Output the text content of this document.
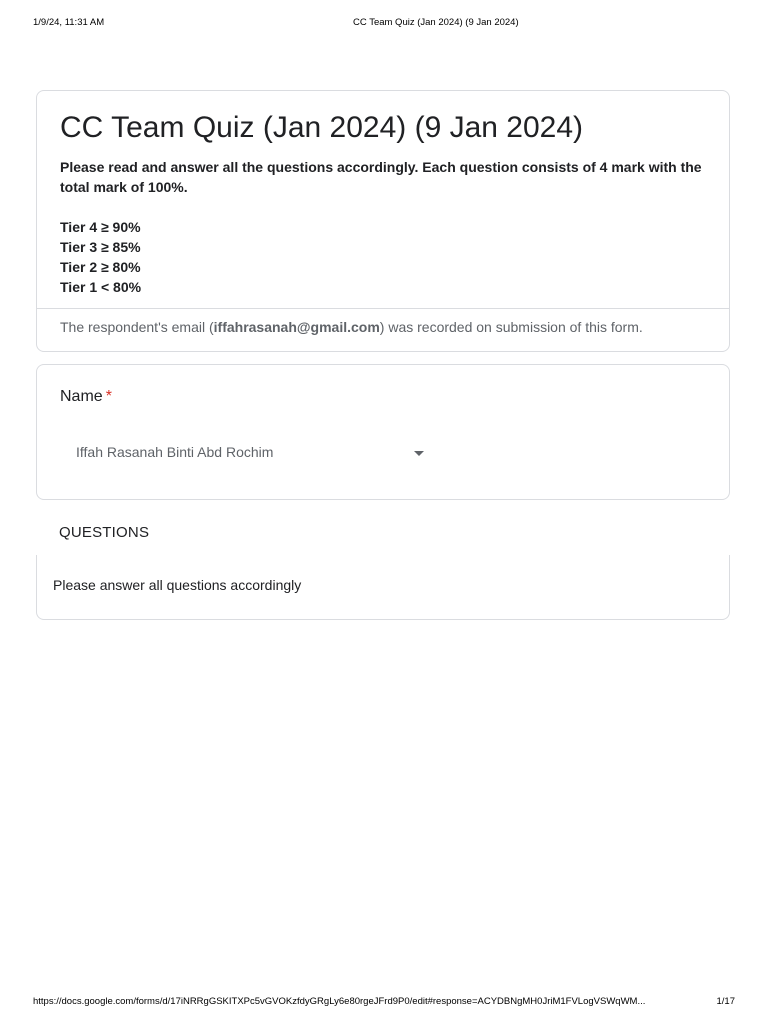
1/9/24, 11:31 AM	CC Team Quiz (Jan 2024) (9 Jan 2024)
CC Team Quiz (Jan 2024) (9 Jan 2024)

Please read and answer all the questions accordingly. Each question consists of 4 mark with the total mark of 100%.

Tier 4 ≥ 90%
Tier 3 ≥ 85%
Tier 2 ≥ 80%
Tier 1 < 80%
The respondent's email (iffahrasanah@gmail.com) was recorded on submission of this form.
Name *
Iffah Rasanah Binti Abd Rochim
QUESTIONS
Please answer all questions accordingly
https://docs.google.com/forms/d/17iNRRgGSKITXPc5vGVOKzfdyGRgLy6e80rgeJFrd9P0/edit#response=ACYDBNgMH0JriM1FVLogVSWqWM...	1/17
